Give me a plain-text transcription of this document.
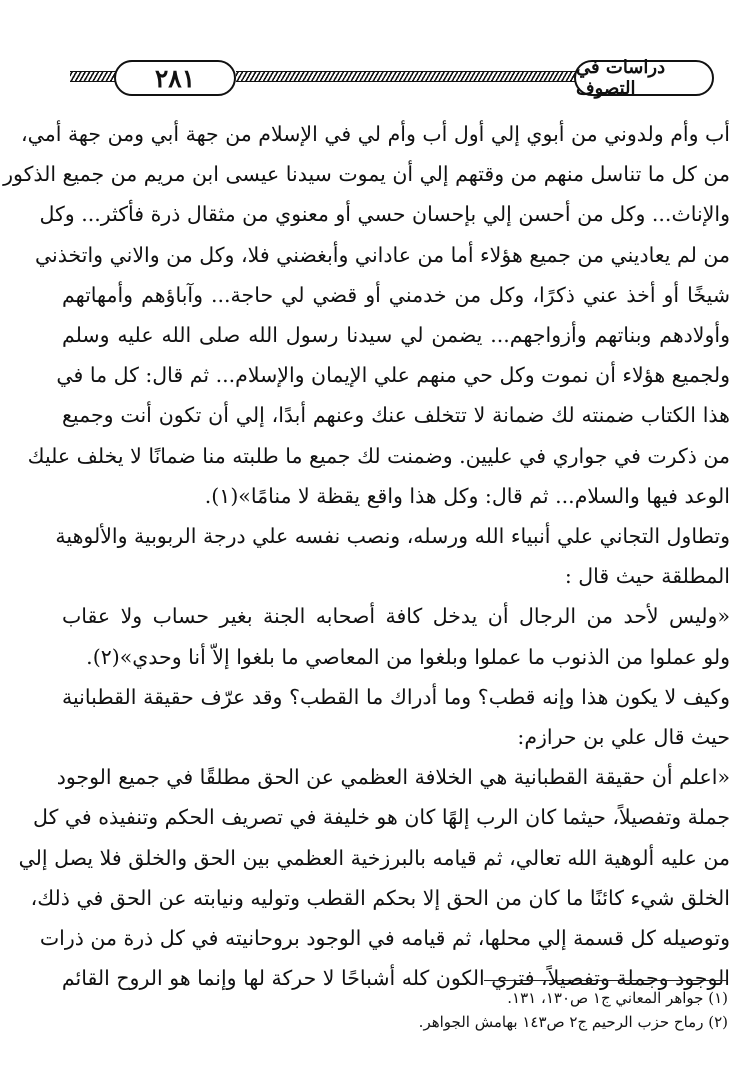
٢٨١	دراسات في التصوف
أب وأم ولدوني من أبوي إلي أول أب وأم لي في الإسلام من جهة أبي ومن جهة أمي،
من كل ما تناسل منهم من وقتهم إلي أن يموت سيدنا عيسى ابن مريم من جميع الذكور
والإناث... وكل من أحسن إلي بإحسان حسي أو معنوي من مثقال ذرة فأكثر... وكل
من لم يعاديني من جميع هؤلاء أما من عاداني وأبغضني فلا، وكل من والاني واتخذني
شيخًا أو أخذ عني ذكرًا، وكل من خدمني أو قضي لي حاجة... وآباؤهم وأمهاتهم
وأولادهم وبناتهم وأزواجهم... يضمن لي سيدنا رسول الله صلى الله عليه وسلم
ولجميع هؤلاء أن نموت وكل حي منهم علي الإيمان والإسلام... ثم قال: كل ما في
هذا الكتاب ضمنته لك ضمانة لا تتخلف عنك وعنهم أبدًا، إلي أن تكون أنت وجميع
من ذكرت في جواري في عليين. وضمنت لك جميع ما طلبته منا ضمانًا لا يخلف عليك
الوعد فيها والسلام... ثم قال: وكل هذا واقع يقظة لا منامًا»(١).
وتطاول التجاني علي أنبياء الله ورسله، ونصب نفسه علي درجة الربوبية والألوهية
المطلقة حيث قال :
«وليس لأحد من الرجال أن يدخل كافة أصحابه الجنة بغير حساب ولا عقاب
ولو عملوا من الذنوب ما عملوا وبلغوا من المعاصي ما بلغوا إلاّ أنا وحدي»(٢).
وكيف لا يكون هذا وإنه قطب؟ وما أدراك ما القطب؟ وقد عرّف حقيقة القطبانية
حيث قال علي بن حرازم:
«اعلم أن حقيقة القطبانية هي الخلافة العظمي عن الحق مطلقًا في جميع الوجود
جملة وتفصيلاً، حيثما كان الرب إلهًا كان هو خليفة في تصريف الحكم وتنفيذه في كل
من عليه ألوهية الله تعالي، ثم قيامه بالبرزخية العظمي بين الحق والخلق فلا يصل إلي
الخلق شيء كائنًا ما كان من الحق إلا بحكم القطب وتوليه ونيابته عن الحق في ذلك،
وتوصيله كل قسمة إلي محلها، ثم قيامه في الوجود بروحانيته في كل ذرة من ذرات
الوجود وجملة وتفصيلاً، فتري الكون كله أشباحًا لا حركة لها وإنما هو الروح القائم
(١) جواهر المعاني ج١ ص١٣٠، ١٣١.
(٢) رماح حزب الرحيم ج٢ ص١٤٣ بهامش الجواهر.
